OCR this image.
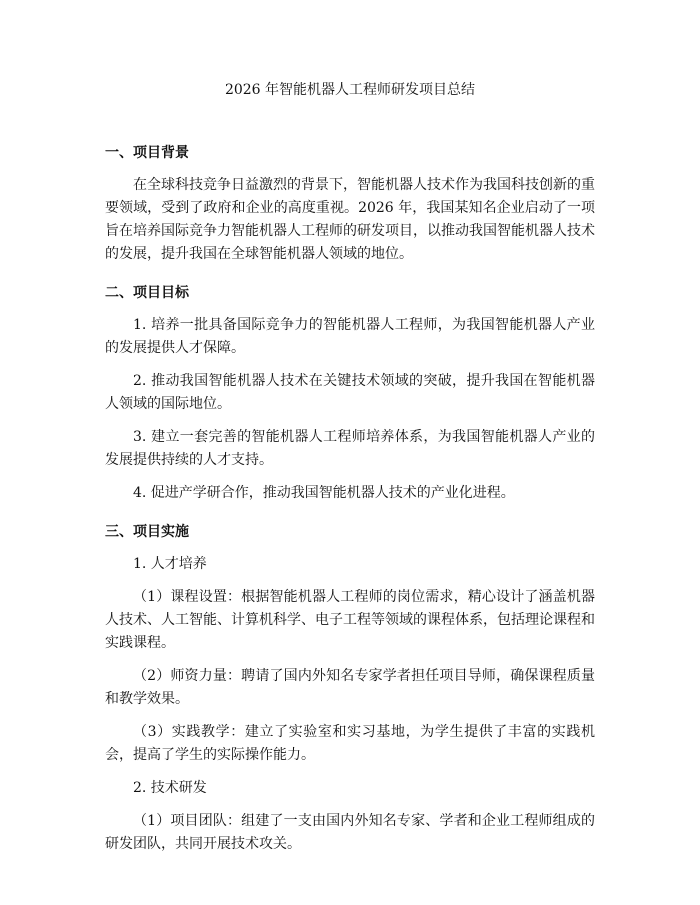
2026 年智能机器人工程师研发项目总结
一、项目背景

在全球科技竞争日益激烈的背景下，智能机器人技术作为我国科技创新的重要领域，受到了政府和企业的高度重视。2026 年，我国某知名企业启动了一项旨在培养国际竞争力智能机器人工程师的研发项目，以推动我国智能机器人技术的发展，提升我国在全球智能机器人领域的地位。

二、项目目标

1. 培养一批具备国际竞争力的智能机器人工程师，为我国智能机器人产业的发展提供人才保障。

2. 推动我国智能机器人技术在关键技术领域的突破，提升我国在智能机器人领域的国际地位。

3. 建立一套完善的智能机器人工程师培养体系，为我国智能机器人产业的发展提供持续的人才支持。

4. 促进产学研合作，推动我国智能机器人技术的产业化进程。

三、项目实施

1. 人才培养

（1）课程设置：根据智能机器人工程师的岗位需求，精心设计了涵盖机器人技术、人工智能、计算机科学、电子工程等领域的课程体系，包括理论课程和实践课程。

（2）师资力量：聘请了国内外知名专家学者担任项目导师，确保课程质量和教学效果。

（3）实践教学：建立了实验室和实习基地，为学生提供了丰富的实践机会，提高了学生的实际操作能力。

2. 技术研发

（1）项目团队：组建了一支由国内外知名专家、学者和企业工程师组成的研发团队，共同开展技术攻关。
